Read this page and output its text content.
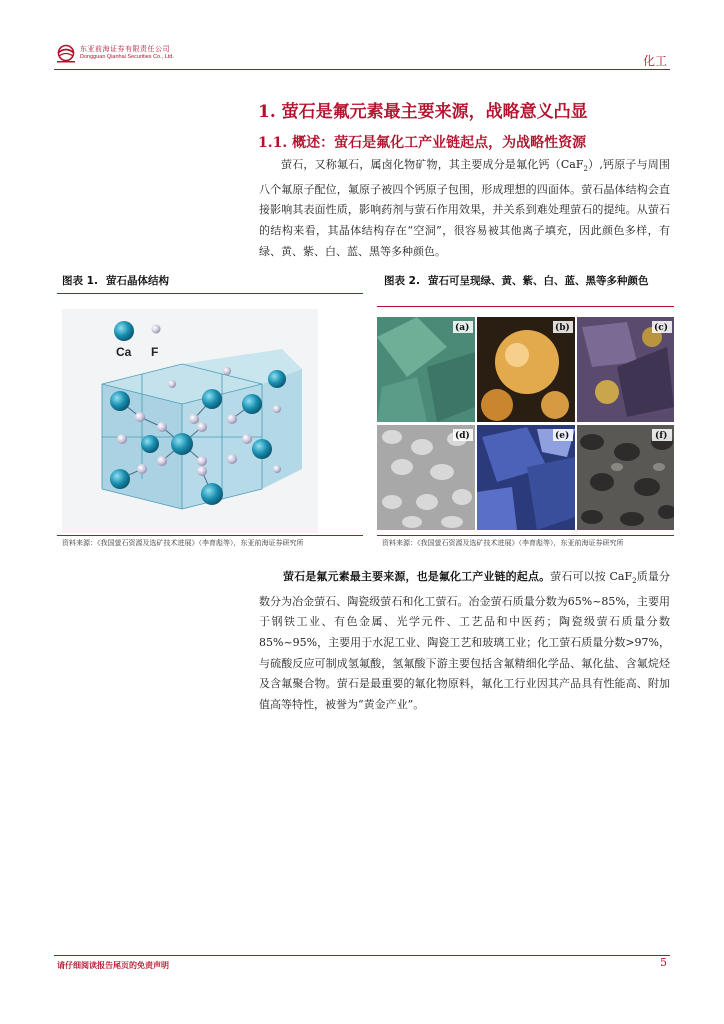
东亚前海证券有限责任公司
Dongguan Qianhai Securities Co., Ltd.	化工
1. 萤石是氟元素最主要来源，战略意义凸显
1.1. 概述：萤石是氟化工产业链起点，为战略性资源
萤石，又称氟石，属卤化物矿物，其主要成分是氟化钙（CaF$_2$）,钙原子与周围八个氟原子配位，氟原子被四个钙原子包围，形成理想的四面体。萤石晶体结构会直接影响其表面性质，影响药剂与萤石作用效果，并关系到难处理萤石的提纯。从萤石的结构来看，其晶体结构存在“空洞”，很容易被其他离子填充，因此颜色多样，有绿、黄、紫、白、蓝、黑等多种颜色。
图表 1. 萤石晶体结构	图表 2. 萤石可呈现绿、黄、紫、白、蓝、黑等多种颜色
Ca F
(a)	(b)	(c)
(d)	(e)	(f)
资料来源：《我国萤石资源及选矿技术进展》（李育彪等），东亚前海证券研究所	资料来源：《我国萤石资源及选矿技术进展》（李育彪等），东亚前海证券研究所
萤石是氟元素最主要来源，也是氟化工产业链的起点。萤石可以按 CaF$_2$质量分数分为冶金萤石、陶瓷级萤石和化工萤石。冶金萤石质量分数为65%~85%，主要用于钢铁工业、有色金属、光学元件、工艺品和中医药；陶瓷级萤石质量分数 85%~95%，主要用于水泥工业、陶瓷工艺和玻璃工业；化工萤石质量分数>97%，与硫酸反应可制成氢氟酸，氢氟酸下游主要包括含氟精细化学品、氟化盐、含氟烷烃及含氟聚合物。萤石是最重要的氟化物原料，氟化工行业因其产品具有性能高、附加值高等特性，被誉为“黄金产业”。
请仔细阅读报告尾页的免责声明	5
